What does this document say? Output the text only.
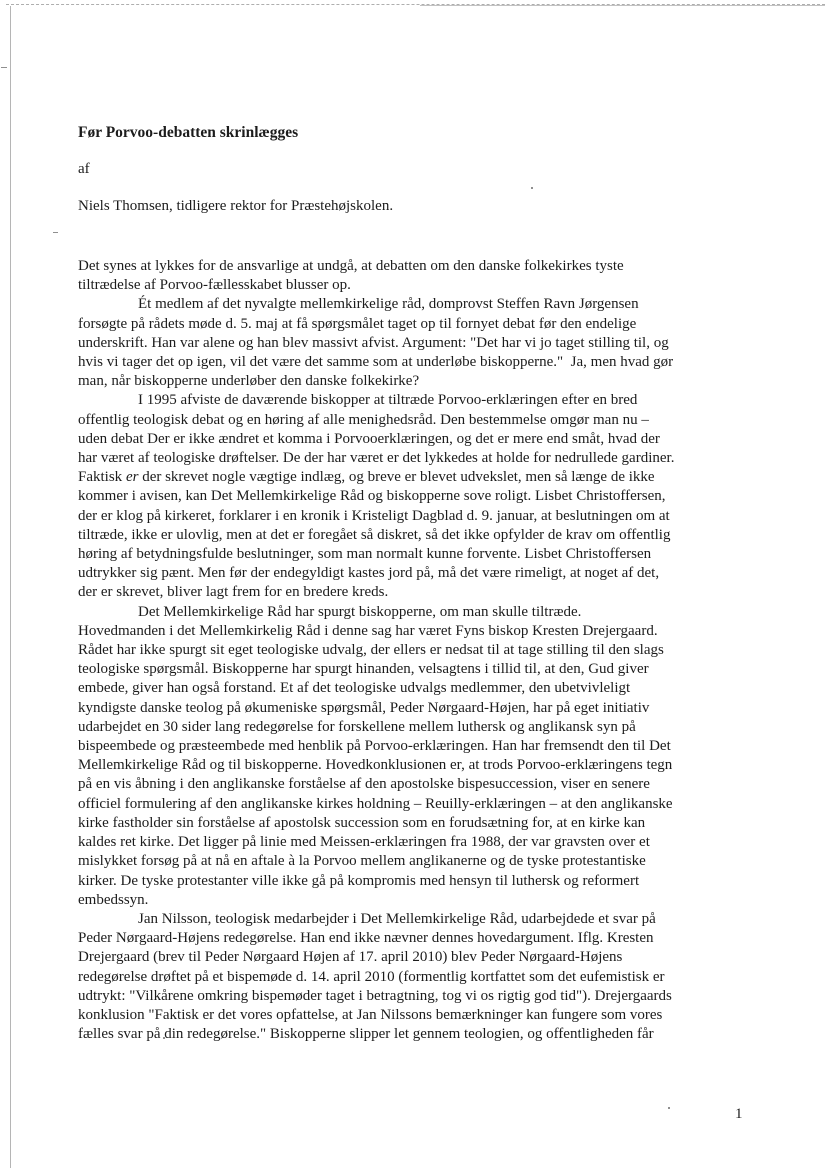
Før Porvoo-debatten skrinlægges
af
Niels Thomsen, tidligere rektor for Præstehøjskolen.
Det synes at lykkes for de ansvarlige at undgå, at debatten om den danske folkekirkes tyste
tiltrædelse af Porvoo-fællesskabet blusser op.
Ét medlem af det nyvalgte mellemkirkelige råd, domprovst Steffen Ravn Jørgensen
forsøgte på rådets møde d. 5. maj at få spørgsmålet taget op til fornyet debat før den endelige
underskrift. Han var alene og han blev massivt afvist. Argument: "Det har vi jo taget stilling til, og
hvis vi tager det op igen, vil det være det samme som at underløbe biskopperne."  Ja, men hvad gør
man, når biskopperne underløber den danske folkekirke?
I 1995 afviste de daværende biskopper at tiltræde Porvoo-erklæringen efter en bred
offentlig teologisk debat og en høring af alle menighedsråd. Den bestemmelse omgør man nu –
uden debat Der er ikke ændret et komma i Porvooerklæringen, og det er mere end småt, hvad der
har været af teologiske drøftelser. De der har været er det lykkedes at holde for nedrullede gardiner.
Faktisk er der skrevet nogle vægtige indlæg, og breve er blevet udvekslet, men så længe de ikke
kommer i avisen, kan Det Mellemkirkelige Råd og biskopperne sove roligt. Lisbet Christoffersen,
der er klog på kirkeret, forklarer i en kronik i Kristeligt Dagblad d. 9. januar, at beslutningen om at
tiltræde, ikke er ulovlig, men at det er foregået så diskret, så det ikke opfylder de krav om offentlig
høring af betydningsfulde beslutninger, som man normalt kunne forvente. Lisbet Christoffersen
udtrykker sig pænt. Men før der endegyldigt kastes jord på, må det være rimeligt, at noget af det,
der er skrevet, bliver lagt frem for en bredere kreds.
Det Mellemkirkelige Råd har spurgt biskopperne, om man skulle tiltræde.
Hovedmanden i det Mellemkirkelig Råd i denne sag har været Fyns biskop Kresten Drejergaard.
Rådet har ikke spurgt sit eget teologiske udvalg, der ellers er nedsat til at tage stilling til den slags
teologiske spørgsmål. Biskopperne har spurgt hinanden, velsagtens i tillid til, at den, Gud giver
embede, giver han også forstand. Et af det teologiske udvalgs medlemmer, den ubetvivleligt
kyndigste danske teolog på økumeniske spørgsmål, Peder Nørgaard-Højen, har på eget initiativ
udarbejdet en 30 sider lang redegørelse for forskellene mellem luthersk og anglikansk syn på
bispeembede og præsteembede med henblik på Porvoo-erklæringen. Han har fremsendt den til Det
Mellemkirkelige Råd og til biskopperne. Hovedkonklusionen er, at trods Porvoo-erklæringens tegn
på en vis åbning i den anglikanske forståelse af den apostolske bispesuccession, viser en senere
officiel formulering af den anglikanske kirkes holdning – Reuilly-erklæringen – at den anglikanske
kirke fastholder sin forståelse af apostolsk succession som en forudsætning for, at en kirke kan
kaldes ret kirke. Det ligger på linie med Meissen-erklæringen fra 1988, der var gravsten over et
mislykket forsøg på at nå en aftale à la Porvoo mellem anglikanerne og de tyske protestantiske
kirker. De tyske protestanter ville ikke gå på kompromis med hensyn til luthersk og reformert
embedssyn.
Jan Nilsson, teologisk medarbejder i Det Mellemkirkelige Råd, udarbejdede et svar på
Peder Nørgaard-Højens redegørelse. Han end ikke nævner dennes hovedargument. Iflg. Kresten
Drejergaard (brev til Peder Nørgaard Højen af 17. april 2010) blev Peder Nørgaard-Højens
redegørelse drøftet på et bispemøde d. 14. april 2010 (formentlig kortfattet som det eufemistisk er
udtrykt: "Vilkårene omkring bispemøder taget i betragtning, tog vi os rigtig god tid"). Drejergaards
konklusion "Faktisk er det vores opfattelse, at Jan Nilssons bemærkninger kan fungere som vores
fælles svar på din redegørelse." Biskopperne slipper let gennem teologien, og offentligheden får
1
